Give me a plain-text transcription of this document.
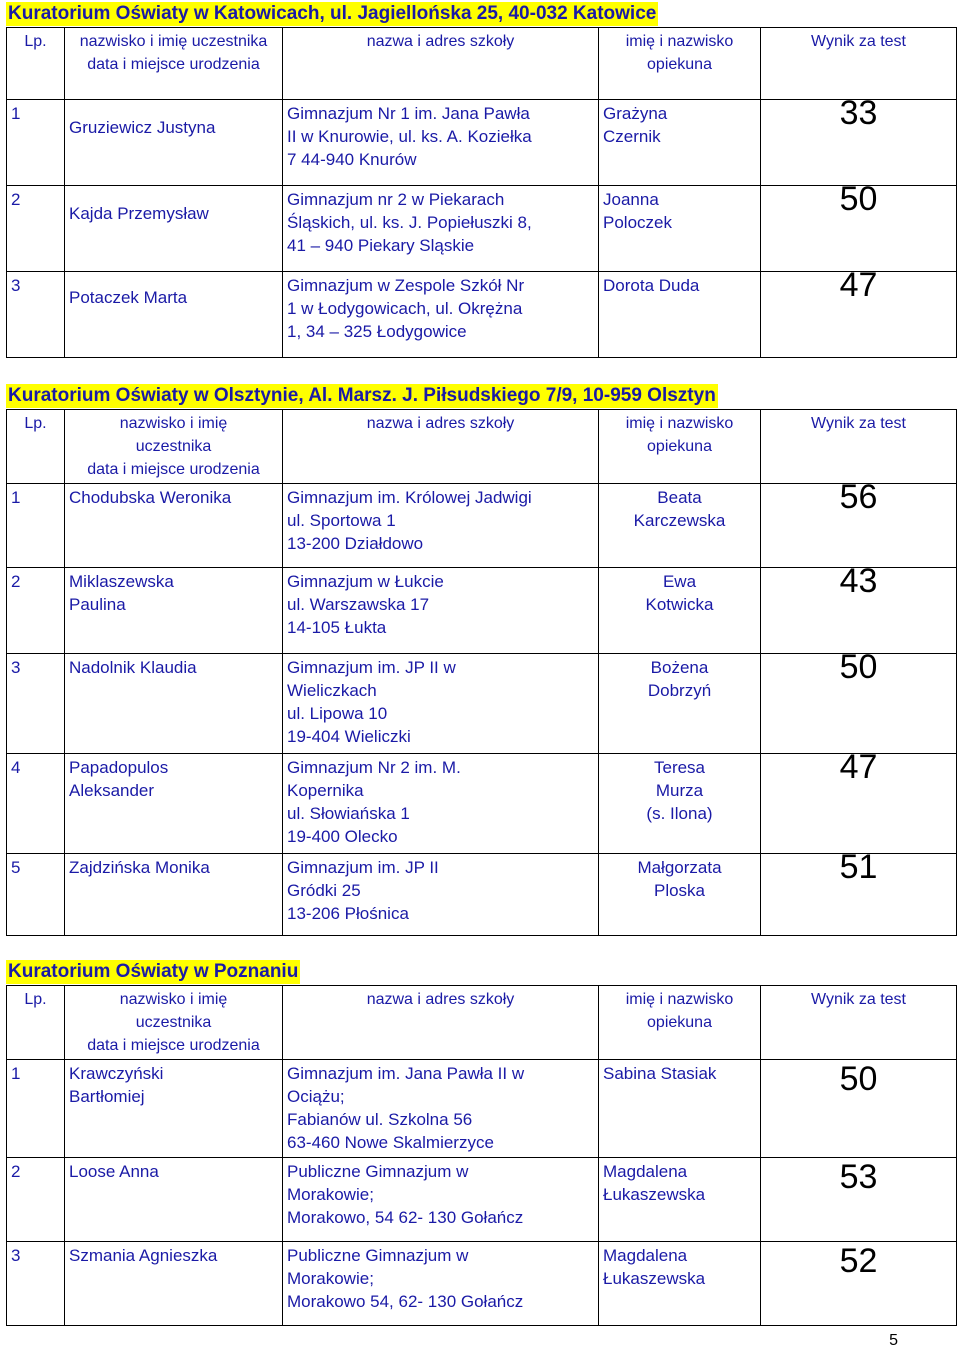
Kuratorium Oświaty w Katowicach, ul. Jagiellońska 25, 40-032 Katowice
Lp.	nazwisko i imię uczestnika
data i miejsce urodzenia	nazwa i adres szkoły	imię i nazwisko
opiekuna	Wynik za test

1	Gruziewicz Justyna	Gimnazjum Nr 1 im. Jana Pawła
II w Knurowie, ul. ks. A. Koziełka
7 44-940 Knurów	Grażyna
Czernik	33
2	Kajda Przemysław	Gimnazjum nr 2 w Piekarach
Śląskich, ul. ks. J. Popiełuszki 8,
41 – 940 Piekary Sląskie	Joanna
Poloczek	50
3	Potaczek Marta	Gimnazjum w Zespole Szkół Nr
1 w Łodygowicach, ul. Okrężna
1, 34 – 325 Łodygowice	Dorota Duda	47
Kuratorium Oświaty w Olsztynie, Al. Marsz. J. Piłsudskiego 7/9, 10-959 Olsztyn
Lp.	nazwisko i imię
uczestnika
data i miejsce urodzenia	nazwa i adres szkoły	imię i nazwisko
opiekuna	Wynik za test

1	Chodubska Weronika	Gimnazjum im. Królowej Jadwigi
ul. Sportowa 1
13-200 Działdowo	Beata
Karczewska	56
2	Miklaszewska
Paulina	Gimnazjum w Łukcie
ul. Warszawska 17
14-105 Łukta	Ewa
Kotwicka	43
3	Nadolnik Klaudia	Gimnazjum im. JP II w
Wieliczkach
ul. Lipowa 10
19-404 Wieliczki	Bożena
Dobrzyń	50
4	Papadopulos
Aleksander	Gimnazjum Nr 2 im. M.
Kopernika
ul. Słowiańska 1
19-400 Olecko	Teresa
Murza
(s. Ilona)	47
5	Zajdzińska Monika	Gimnazjum im. JP II
Gródki 25
13-206 Płośnica	Małgorzata
Ploska	51
Kuratorium Oświaty w Poznaniu
Lp.	nazwisko i imię
uczestnika
data i miejsce urodzenia	nazwa i adres szkoły	imię i nazwisko
opiekuna	Wynik za test

1	Krawczyński
Bartłomiej	Gimnazjum im. Jana Pawła II w
Ociążu;
Fabianów ul. Szkolna 56
63-460 Nowe Skalmierzyce	Sabina Stasiak	50
2	Loose Anna	Publiczne Gimnazjum w
Morakowie;
Morakowo, 54 62- 130 Gołańcz	Magdalena
Łukaszewska	53
3	Szmania Agnieszka	Publiczne Gimnazjum w
Morakowie;
Morakowo 54, 62- 130 Gołańcz	Magdalena
Łukaszewska	52
5
